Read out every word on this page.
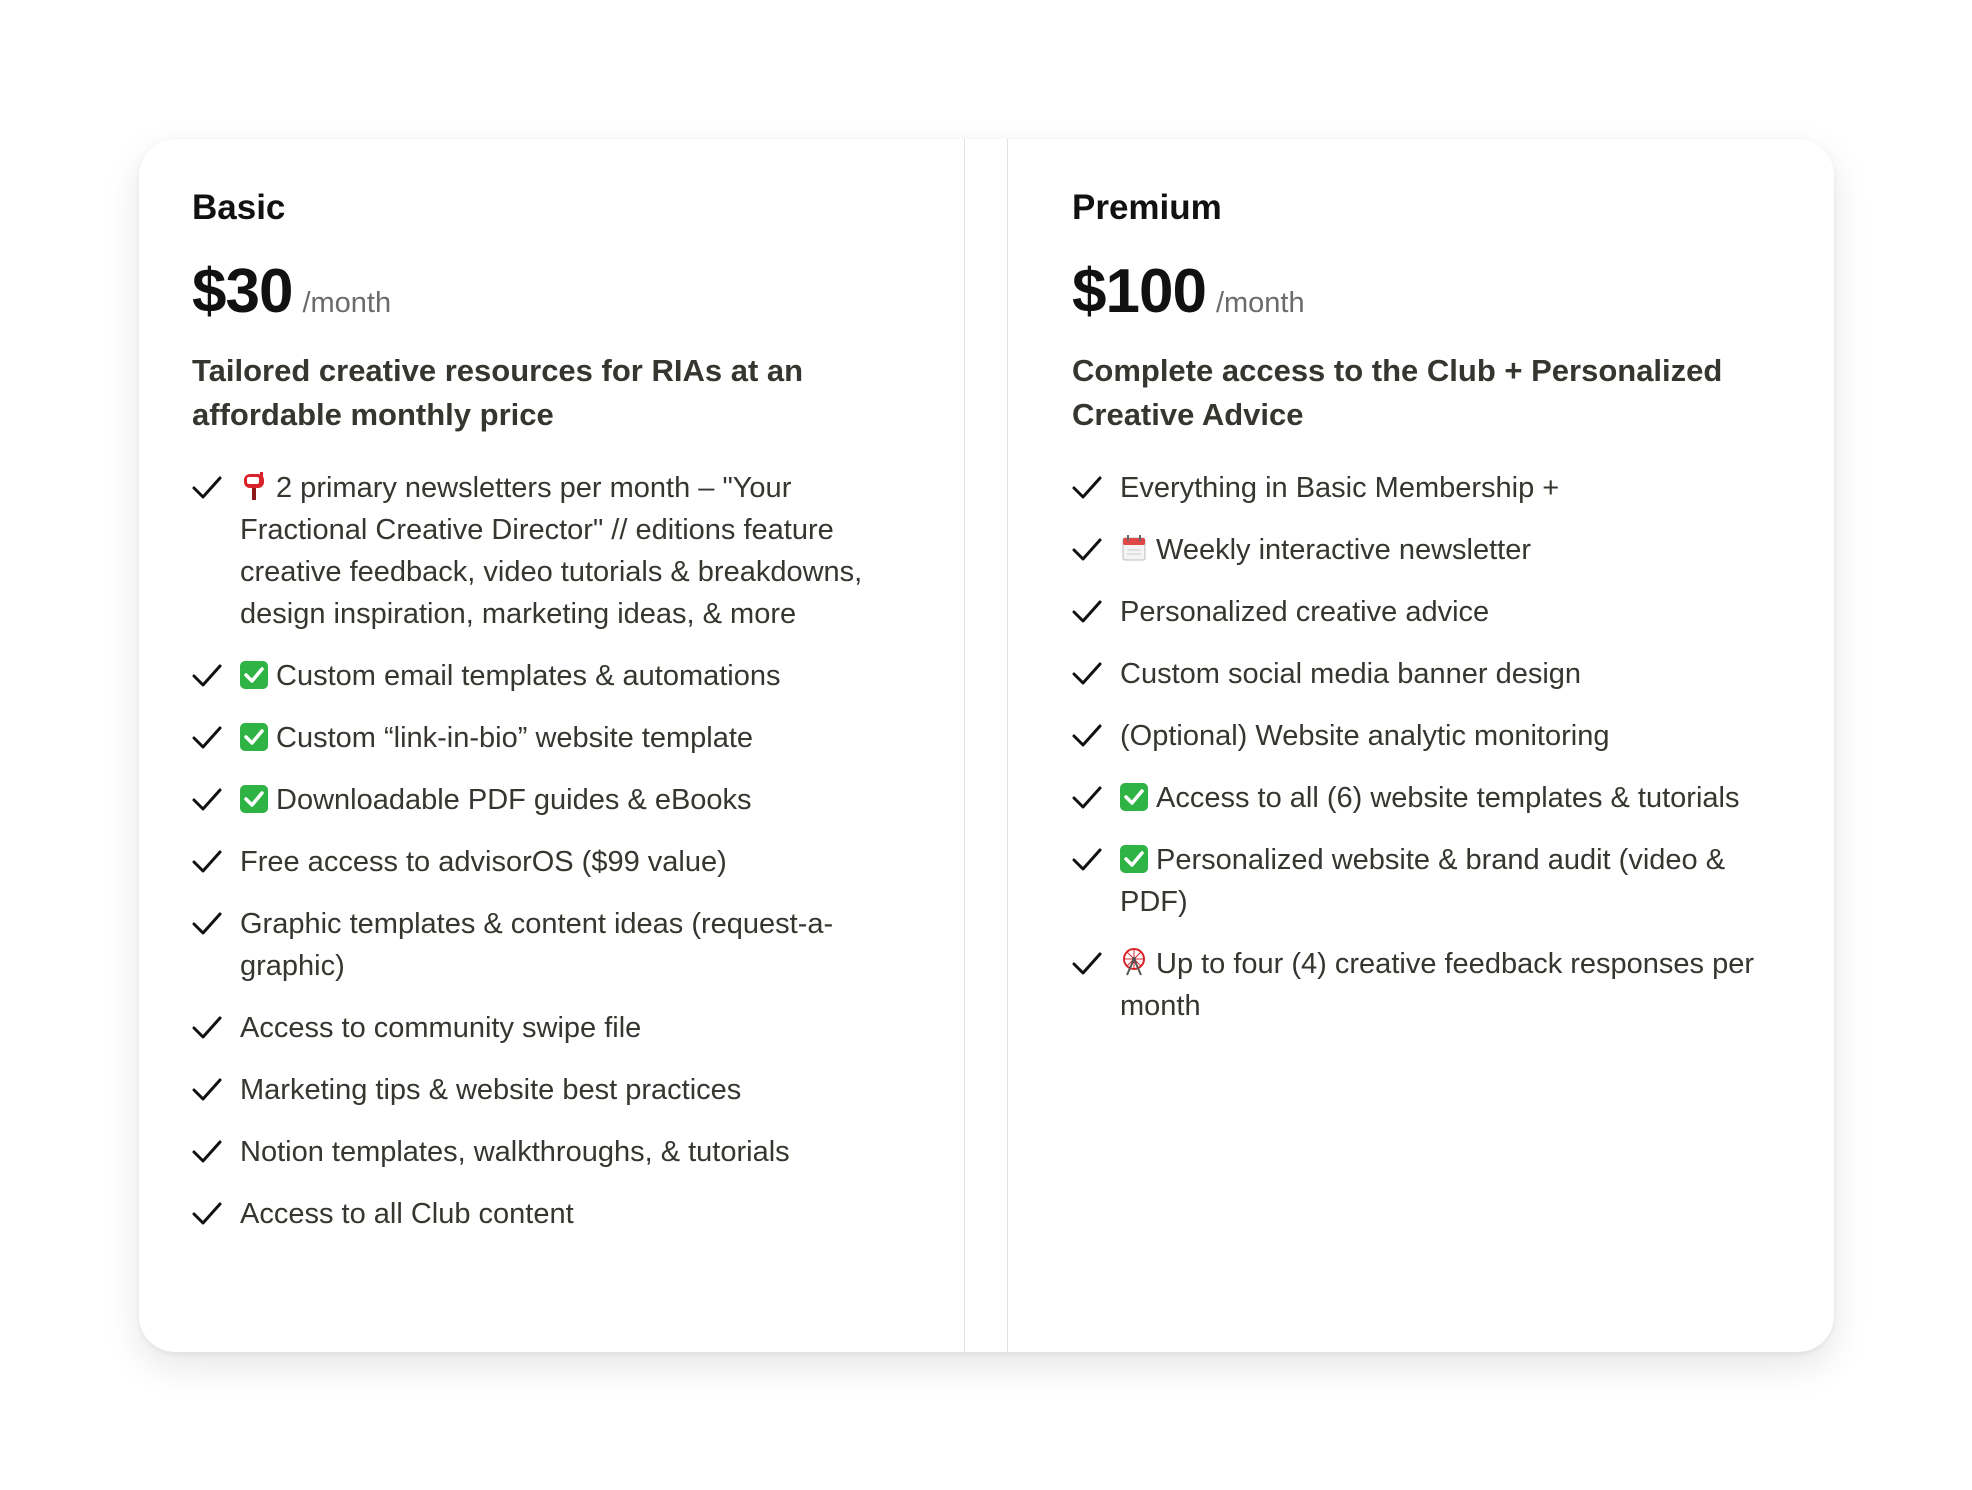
Basic
$30 /month
Tailored creative resources for RIAs at an affordable monthly price
2 primary newsletters per month – "Your Fractional Creative Director" // editions feature creative feedback, video tutorials & breakdowns, design inspiration, marketing ideas, & more
Custom email templates & automations
Custom “link-in-bio” website template
Downloadable PDF guides & eBooks
Free access to advisorOS ($99 value)
Graphic templates & content ideas (request-a-graphic)
Access to community swipe file
Marketing tips & website best practices
Notion templates, walkthroughs, & tutorials
Access to all Club content
Premium
$100 /month
Complete access to the Club + Personalized Creative Advice
Everything in Basic Membership +
Weekly interactive newsletter
Personalized creative advice
Custom social media banner design
(Optional) Website analytic monitoring
Access to all (6) website templates & tutorials
Personalized website & brand audit (video & PDF)
Up to four (4) creative feedback responses per month
